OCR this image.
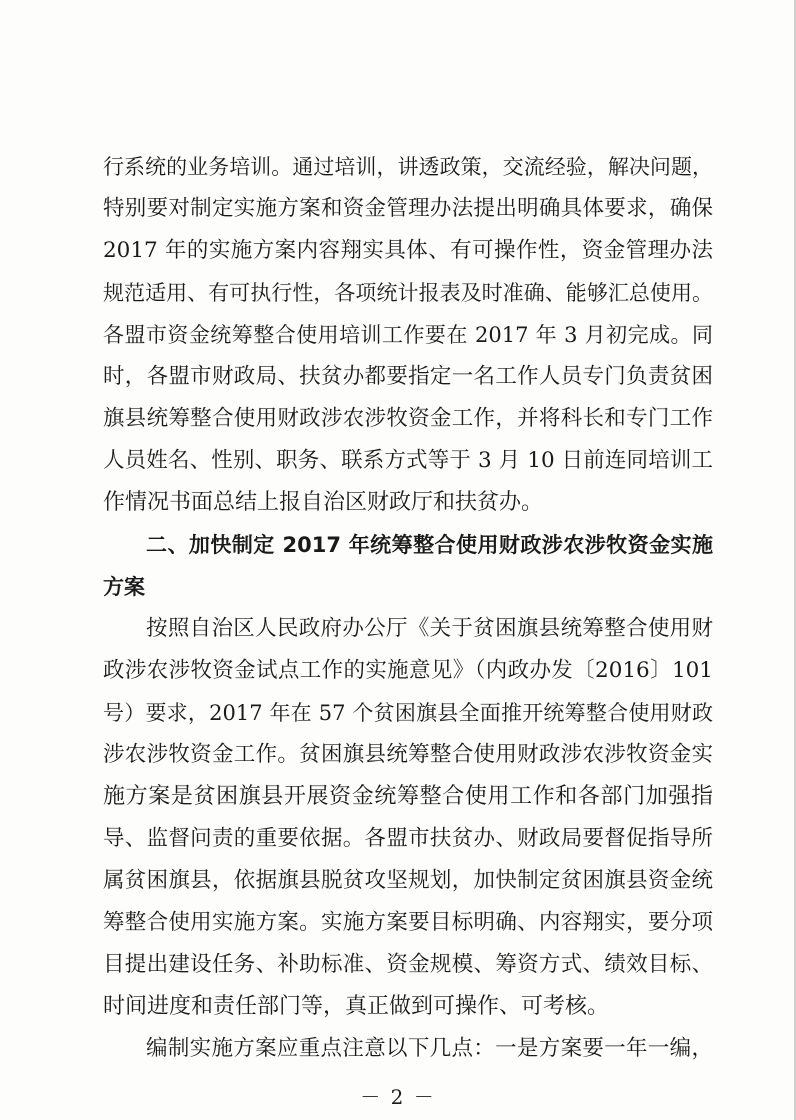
行系统的业务培训。通过培训，讲透政策，交流经验，解决问题，
特别要对制定实施方案和资金管理办法提出明确具体要求，确保
2017 年的实施方案内容翔实具体、有可操作性，资金管理办法
规范适用、有可执行性，各项统计报表及时准确、能够汇总使用。
各盟市资金统筹整合使用培训工作要在 2017 年 3 月初完成。同
时，各盟市财政局、扶贫办都要指定一名工作人员专门负责贫困
旗县统筹整合使用财政涉农涉牧资金工作，并将科长和专门工作
人员姓名、性别、职务、联系方式等于 3 月 10 日前连同培训工
作情况书面总结上报自治区财政厅和扶贫办。
二、加快制定 2017 年统筹整合使用财政涉农涉牧资金实施
方案
按照自治区人民政府办公厅《关于贫困旗县统筹整合使用财
政涉农涉牧资金试点工作的实施意见》（内政办发〔2016〕101
号）要求，2017 年在 57 个贫困旗县全面推开统筹整合使用财政
涉农涉牧资金工作。贫困旗县统筹整合使用财政涉农涉牧资金实
施方案是贫困旗县开展资金统筹整合使用工作和各部门加强指
导、监督问责的重要依据。各盟市扶贫办、财政局要督促指导所
属贫困旗县，依据旗县脱贫攻坚规划，加快制定贫困旗县资金统
筹整合使用实施方案。实施方案要目标明确、内容翔实，要分项
目提出建设任务、补助标准、资金规模、筹资方式、绩效目标、
时间进度和责任部门等，真正做到可操作、可考核。
编制实施方案应重点注意以下几点：一是方案要一年一编，
－ 2 －
